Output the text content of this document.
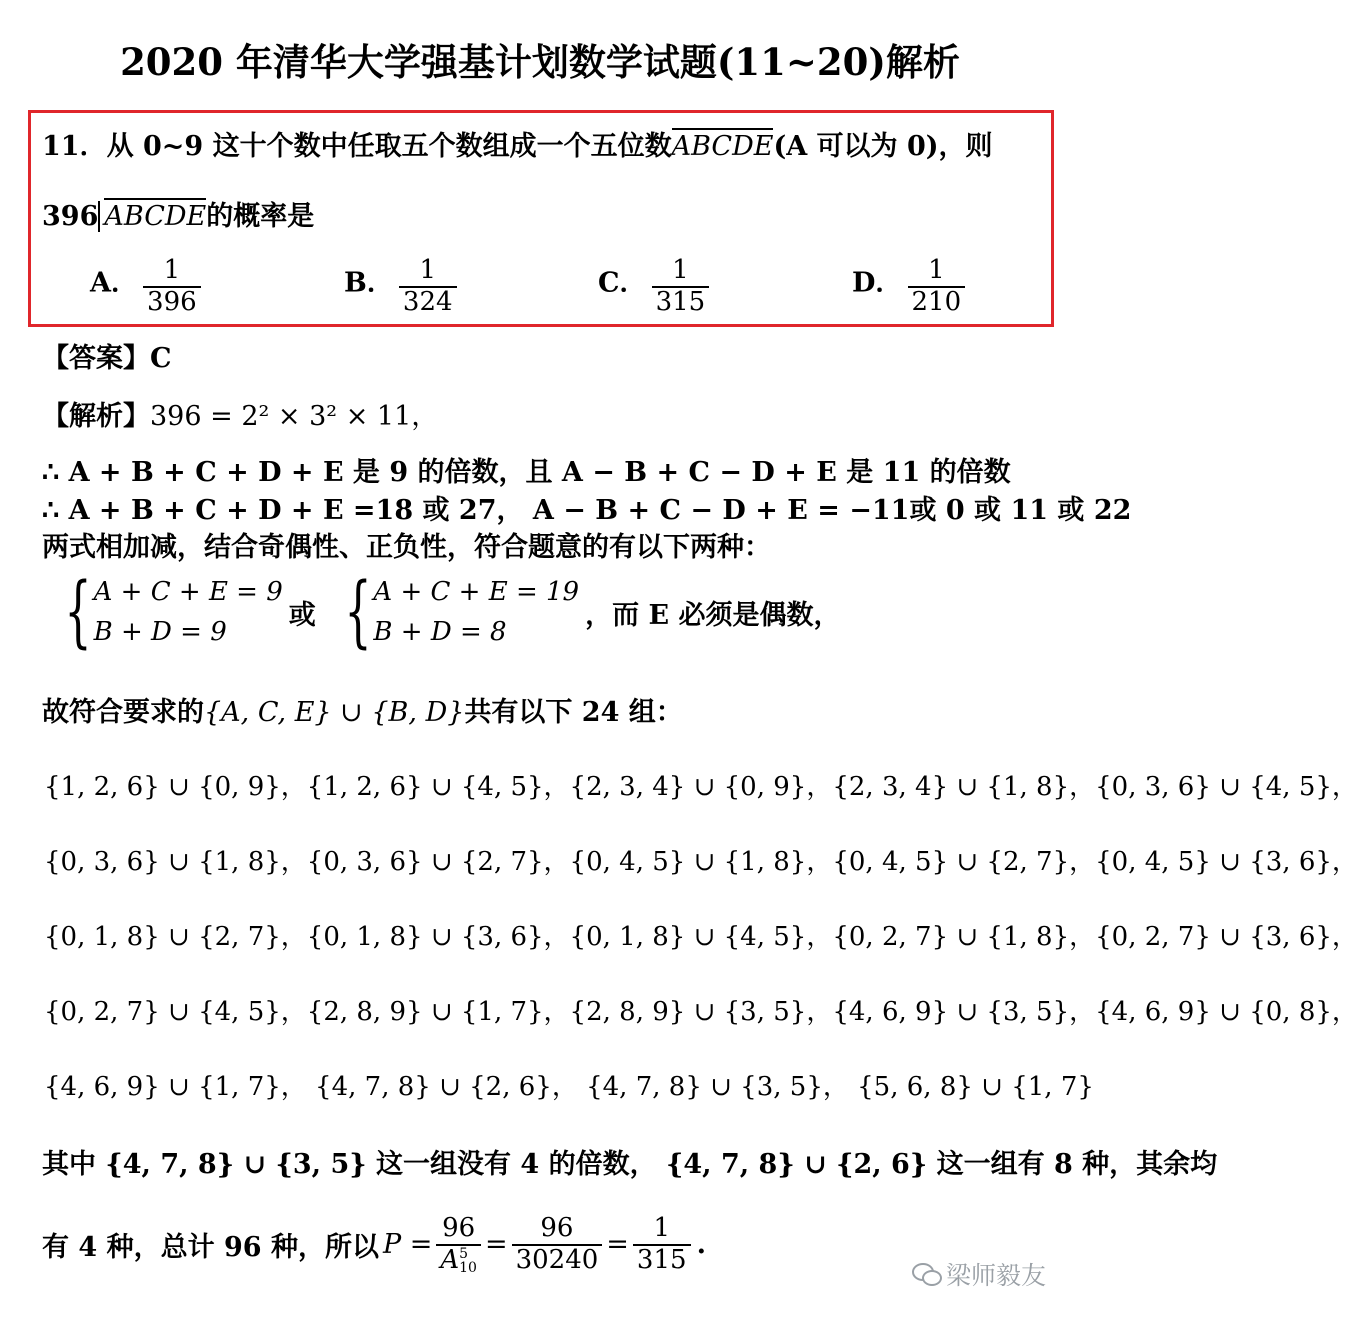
2020 年清华大学强基计划数学试题(11~20)解析
11．从 0~9 这十个数中任取五个数组成一个五位数ABCDE(A 可以为 0)，则
396 ABCDE的概率是
A． $\frac{1}{396}$	B． $\frac{1}{324}$	C． $\frac{1}{315}$	D． $\frac{1}{210}$
【答案】C
【解析】396 = 2² × 3² × 11，
∴ A + B + C + D + E 是 9 的倍数，且 A − B + C − D + E 是 11 的倍数
∴ A + B + C + D + E =18 或 27， A − B + C − D + E = −11或 0 或 11 或 22
两式相加减，结合奇偶性、正负性，符合题意的有以下两种：
{ A + C + E = 9
B + D = 9
或 { A + C + E = 19
B + D = 8
，而 E 必须是偶数，
故符合要求的{A, C, E} ∪ {B, D}共有以下 24 组：
{1, 2, 6} ∪ {0, 9}，{1, 2, 6} ∪ {4, 5}，{2, 3, 4} ∪ {0, 9}，{2, 3, 4} ∪ {1, 8}，{0, 3, 6} ∪ {4, 5}，
{0, 3, 6} ∪ {1, 8}，{0, 3, 6} ∪ {2, 7}，{0, 4, 5} ∪ {1, 8}，{0, 4, 5} ∪ {2, 7}，{0, 4, 5} ∪ {3, 6}，
{0, 1, 8} ∪ {2, 7}，{0, 1, 8} ∪ {3, 6}，{0, 1, 8} ∪ {4, 5}，{0, 2, 7} ∪ {1, 8}，{0, 2, 7} ∪ {3, 6}，
{0, 2, 7} ∪ {4, 5}，{2, 8, 9} ∪ {1, 7}，{2, 8, 9} ∪ {3, 5}，{4, 6, 9} ∪ {3, 5}，{4, 6, 9} ∪ {0, 8}，
{4, 6, 9} ∪ {1, 7}， {4, 7, 8} ∪ {2, 6}， {4, 7, 8} ∪ {3, 5}， {5, 6, 8} ∪ {1, 7}
其中 {4, 7, 8} ∪ {3, 5} 这一组没有 4 的倍数， {4, 7, 8} ∪ {2, 6} 这一组有 8 种，其余均
有 4 种，总计 96 种，所以 P = 96
A 5
$10 = \frac{96}{30240} = \frac{1}{315}$ .
梁师毅友
